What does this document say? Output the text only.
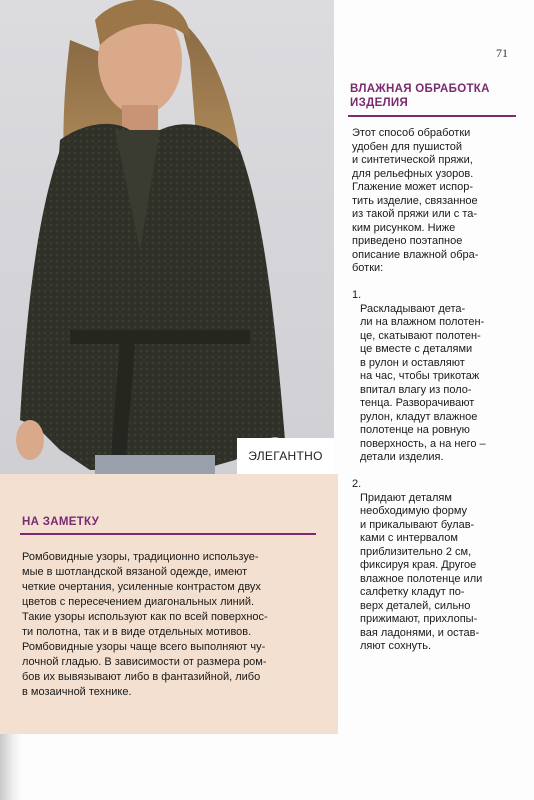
ЭЛЕГАНТНО
71
ВЛАЖНАЯ ОБРАБОТКА
ИЗДЕЛИЯ
Этот способ обработки
удобен для пушистой
и синтетической пряжи,
для рельефных узоров.
Глажение может испор-
тить изделие, связанное
из такой пряжи или с та-
ким рисунком. Ниже
приведено поэтапное
описание влажной обра-
ботки:

1.
Раскладывают дета-
ли на влажном полотен-
це, скатывают полотен-
це вместе с деталями
в рулон и оставляют
на час, чтобы трикотаж
впитал влагу из поло-
тенца. Разворачивают
рулон, кладут влажное
полотенце на ровную
поверхность, а на него –
детали изделия.

2.
Придают деталям
необходимую форму
и прикалывают булав-
ками с интервалом
приблизительно 2 см,
фиксируя края. Другое
влажное полотенце или
салфетку кладут по-
верх деталей, сильно
прижимают, прихлопы-
вая ладонями, и остав-
ляют сохнуть.

НА ЗАМЕТКУ
Ромбовидные узоры, традиционно используе-
мые в шотландской вязаной одежде, имеют
четкие очертания, усиленные контрастом двух
цветов с пересечением диагональных линий.
Такие узоры используют как по всей поверхнос-
ти полотна, так и в виде отдельных мотивов.
Ромбовидные узоры чаще всего выполняют чу-
лочной гладью. В зависимости от размера ром-
бов их вывязывают либо в фантазийной, либо
в мозаичной технике.
